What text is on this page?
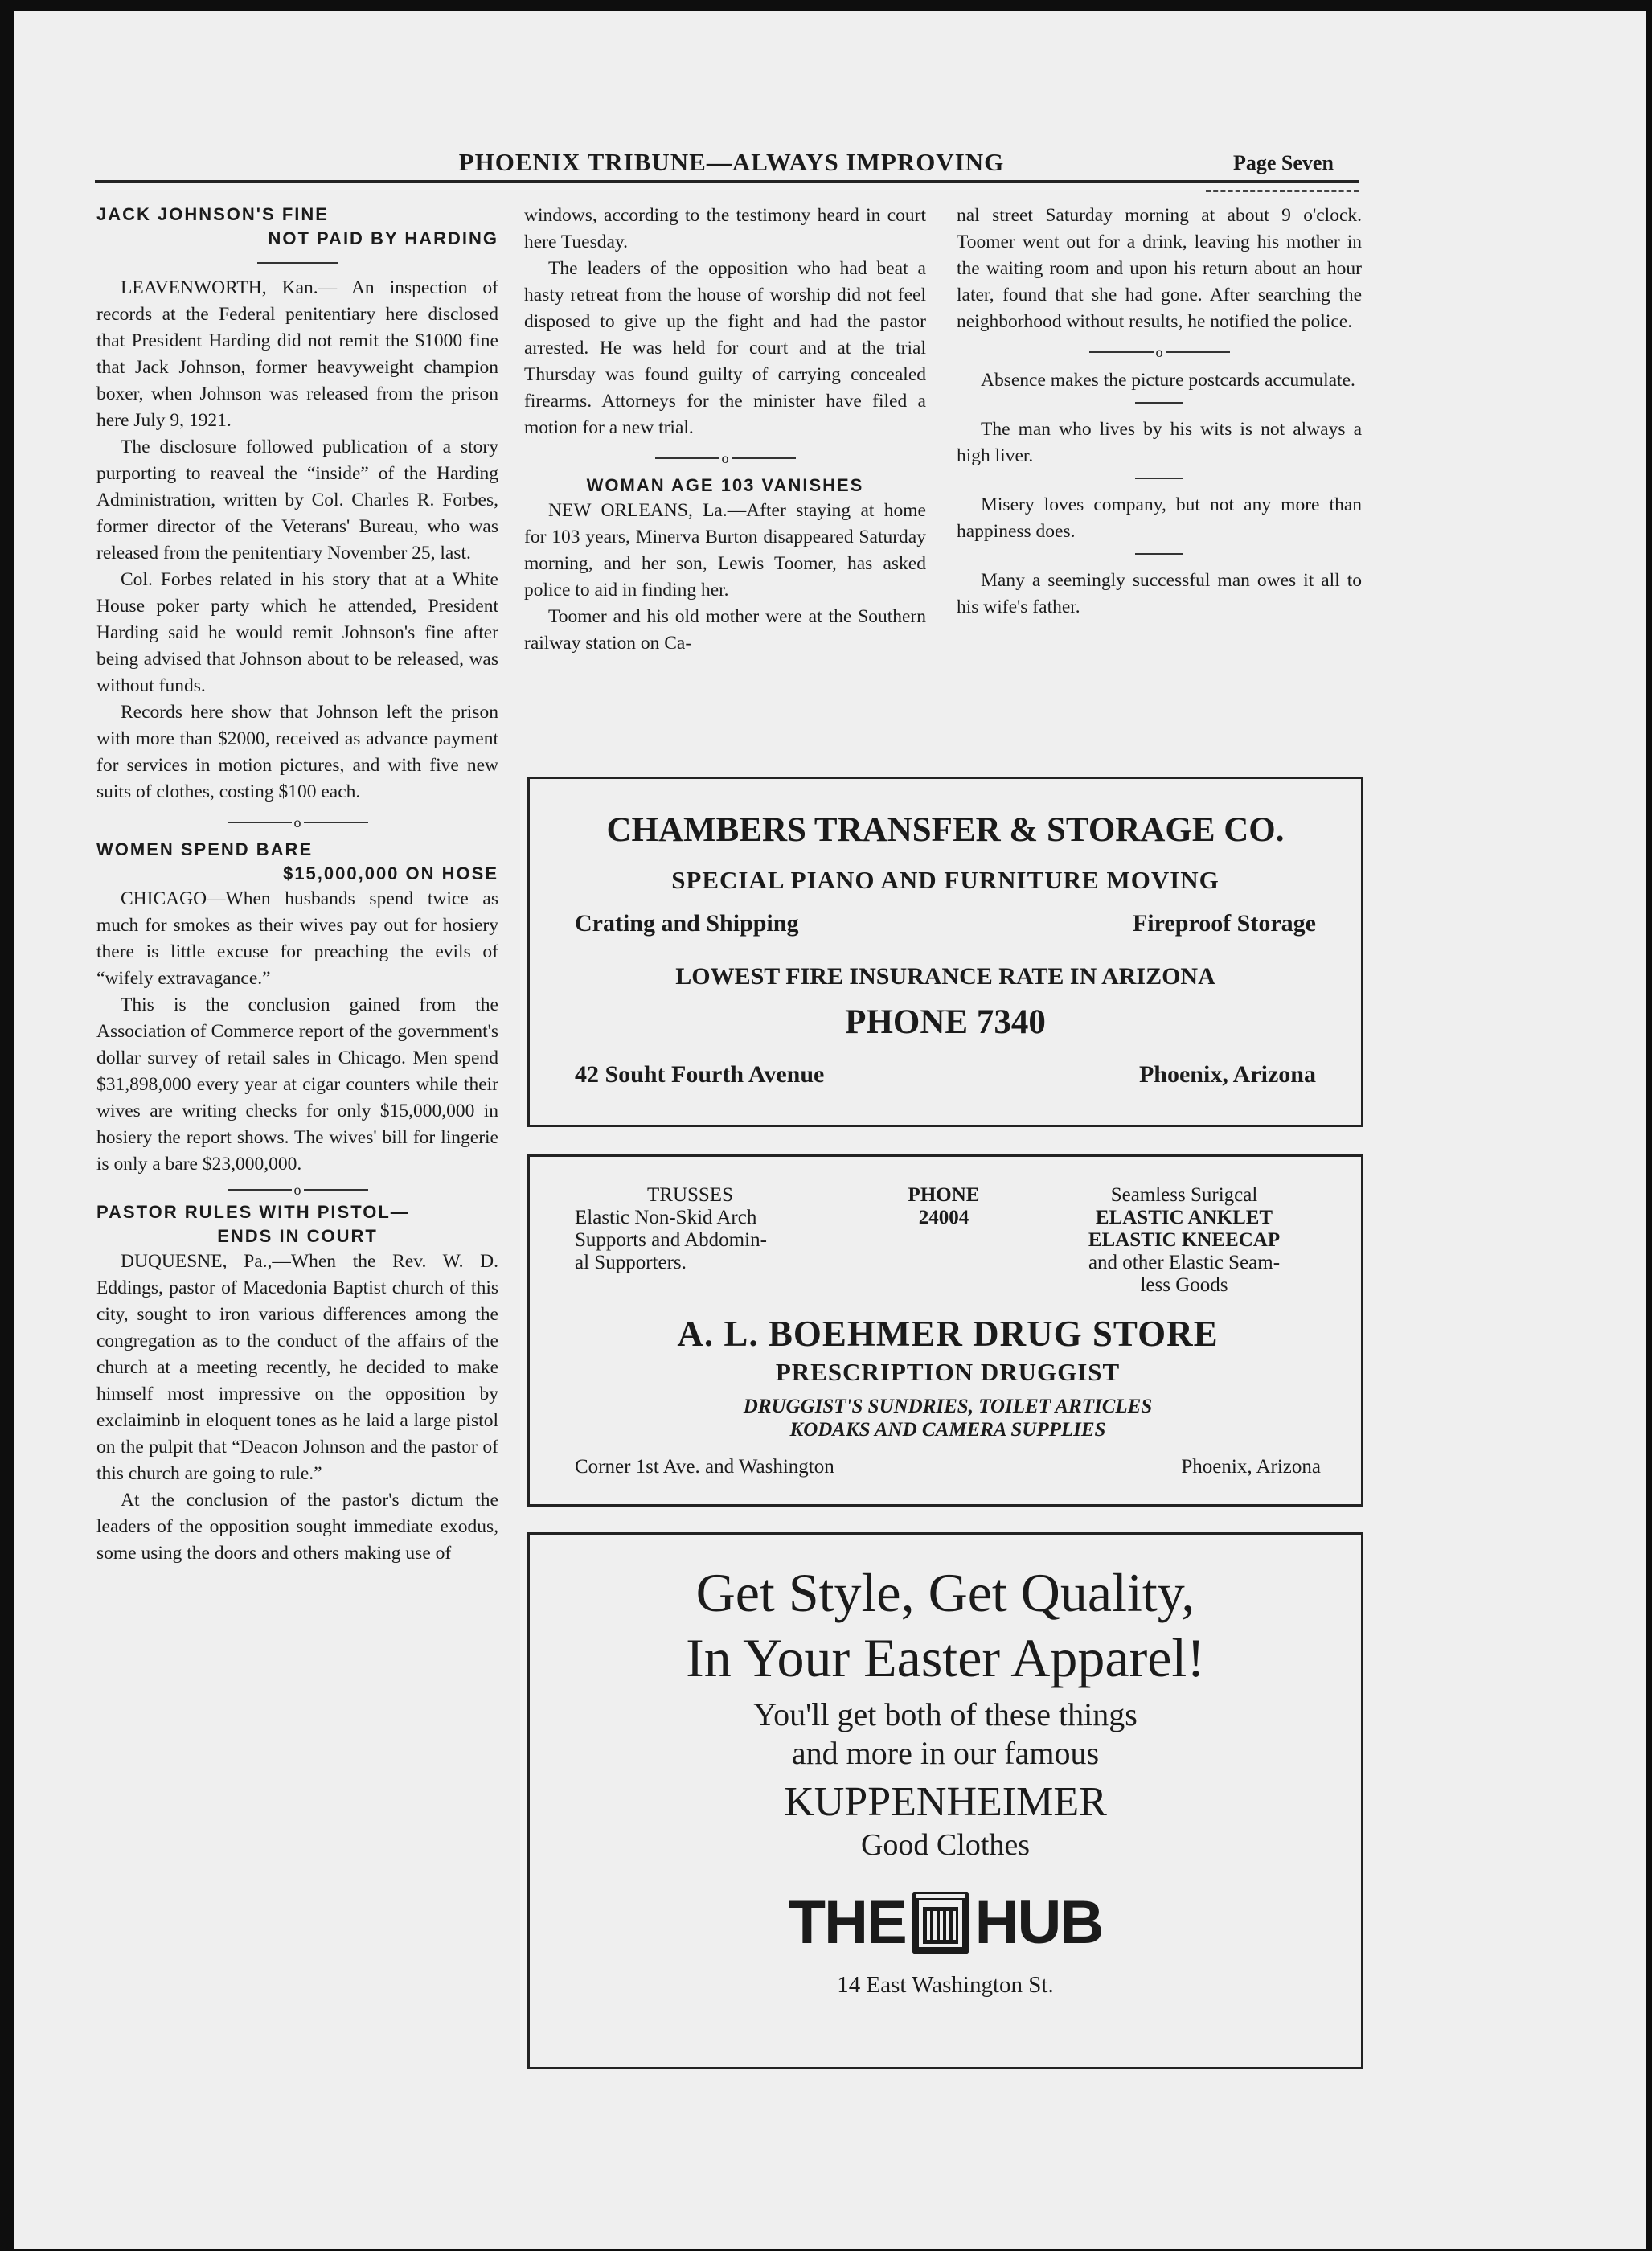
PHOENIX TRIBUNE—ALWAYS IMPROVING	Page Seven
JACK JOHNSON'S FINE
NOT PAID BY HARDING

LEAVENWORTH, Kan.— An inspection of records at the Federal penitentiary here disclosed that President Harding did not remit the $1000 fine that Jack Johnson, former heavyweight champion boxer, when Johnson was released from the prison here July 9, 1921.

The disclosure followed publication of a story purporting to reaveal the “inside” of the Harding Administration, written by Col. Charles R. Forbes, former director of the Veterans' Bureau, who was released from the penitentiary November 25, last.

Col. Forbes related in his story that at a White House poker party which he attended, President Harding said he would remit Johnson's fine after being advised that Johnson about to be released, was without funds.

Records here show that Johnson left the prison with more than $2000, received as advance payment for services in motion pictures, and with five new suits of clothes, costing $100 each.

o
WOMEN SPEND BARE
$15,000,000 ON HOSE

CHICAGO—When husbands spend twice as much for smokes as their wives pay out for hosiery there is little excuse for preaching the evils of “wifely extravagance.”

This is the conclusion gained from the Association of Commerce report of the government's dollar survey of retail sales in Chicago. Men spend $31,898,000 every year at cigar counters while their wives are writing checks for only $15,000,000 in hosiery the report shows. The wives' bill for lingerie is only a bare $23,000,000.

o
PASTOR RULES WITH PISTOL—
ENDS IN COURT

DUQUESNE, Pa.,—When the Rev. W. D. Eddings, pastor of Macedonia Baptist church of this city, sought to iron various differences among the congregation as to the conduct of the affairs of the church at a meeting recently, he decided to make himself most impressive on the opposition by exclaiminb in eloquent tones as he laid a large pistol on the pulpit that “Deacon Johnson and the pastor of this church are going to rule.”

At the conclusion of the pastor's dictum the leaders of the opposition sought immediate exodus, some using the doors and others making use of

windows, according to the testimony heard in court here Tuesday.

The leaders of the opposition who had beat a hasty retreat from the house of worship did not feel disposed to give up the fight and had the pastor arrested. He was held for court and at the trial Thursday was found guilty of carrying concealed firearms. Attorneys for the minister have filed a motion for a new trial.

o
WOMAN AGE 103 VANISHES

NEW ORLEANS, La.—After staying at home for 103 years, Minerva Burton disappeared Saturday morning, and her son, Lewis Toomer, has asked police to aid in finding her.

Toomer and his old mother were at the Southern railway station on Ca-

nal street Saturday morning at about 9 o'clock. Toomer went out for a drink, leaving his mother in the waiting room and upon his return about an hour later, found that she had gone. After searching the neighborhood without results, he notified the police.

o

Absence makes the picture postcards accumulate.

The man who lives by his wits is not always a high liver.

Misery loves company, but not any more than happiness does.

Many a seemingly successful man owes it all to his wife's father.

CHAMBERS TRANSFER & STORAGE CO.
SPECIAL PIANO AND FURNITURE MOVING
Crating and Shipping	Fireproof Storage
LOWEST FIRE INSURANCE RATE IN ARIZONA
PHONE 7340
42 Souht Fourth Avenue	Phoenix, Arizona
TRUSSES
Elastic Non-Skid Arch
Supports and Abdomin-
al Supporters.
PHONE
24004
Seamless Surigcal
ELASTIC ANKLET
ELASTIC KNEECAP
and other Elastic Seam-
less Goods
A. L. BOEHMER DRUG STORE
PRESCRIPTION DRUGGIST
DRUGGIST'S SUNDRIES, TOILET ARTICLES
KODAKS AND CAMERA SUPPLIES
Corner 1st Ave. and Washington	Phoenix, Arizona
Get Style, Get Quality,
In Your Easter Apparel!
You'll get both of these things
and more in our famous
KUPPENHEIMER
Good Clothes
THE HUB
14 East Washington St.
